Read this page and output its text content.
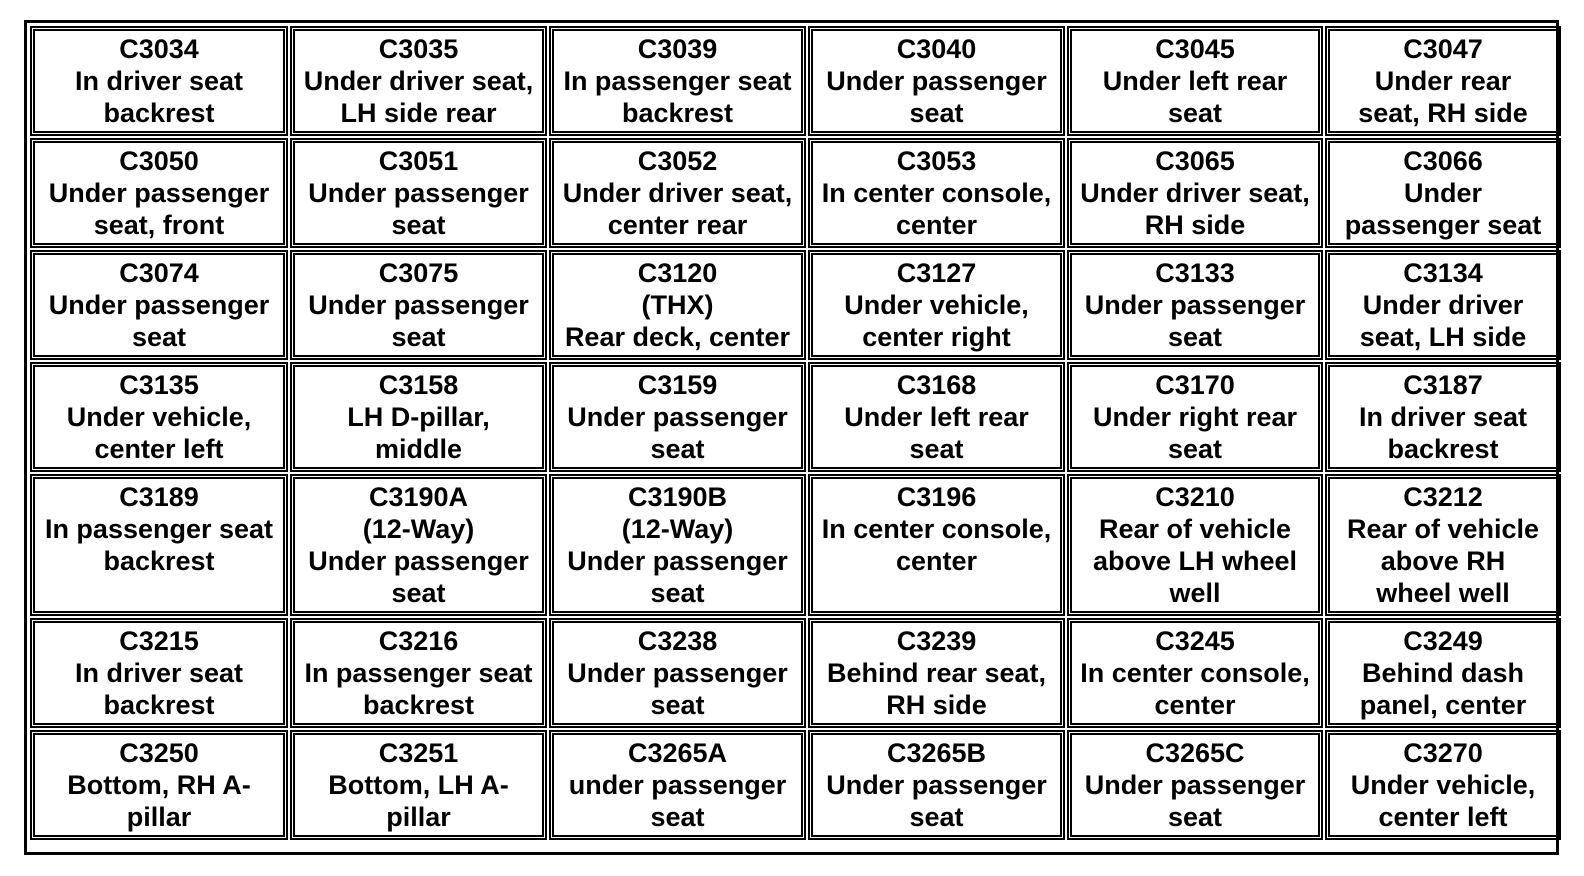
C3034
In driver seat
backrest
C3035
Under driver seat,
LH side rear
C3039
In passenger seat
backrest
C3040
Under passenger
seat
C3045
Under left rear
seat
C3047
Under rear
seat, RH side
C3050
Under passenger
seat, front
C3051
Under passenger
seat
C3052
Under driver seat,
center rear
C3053
In center console,
center
C3065
Under driver seat,
RH side
C3066
Under
passenger seat
C3074
Under passenger
seat
C3075
Under passenger
seat
C3120
(THX)
Rear deck, center
C3127
Under vehicle,
center right
C3133
Under passenger
seat
C3134
Under driver
seat, LH side
C3135
Under vehicle,
center left
C3158
LH D-pillar,
middle
C3159
Under passenger
seat
C3168
Under left rear
seat
C3170
Under right rear
seat
C3187
In driver seat
backrest
C3189
In passenger seat
backrest
C3190A
(12-Way)
Under passenger
seat
C3190B
(12-Way)
Under passenger
seat
C3196
In center console,
center
C3210
Rear of vehicle
above LH wheel
well
C3212
Rear of vehicle
above RH
wheel well
C3215
In driver seat
backrest
C3216
In passenger seat
backrest
C3238
Under passenger
seat
C3239
Behind rear seat,
RH side
C3245
In center console,
center
C3249
Behind dash
panel, center
C3250
Bottom, RH A-
pillar
C3251
Bottom, LH A-
pillar
C3265A
under passenger
seat
C3265B
Under passenger
seat
C3265C
Under passenger
seat
C3270
Under vehicle,
center left
